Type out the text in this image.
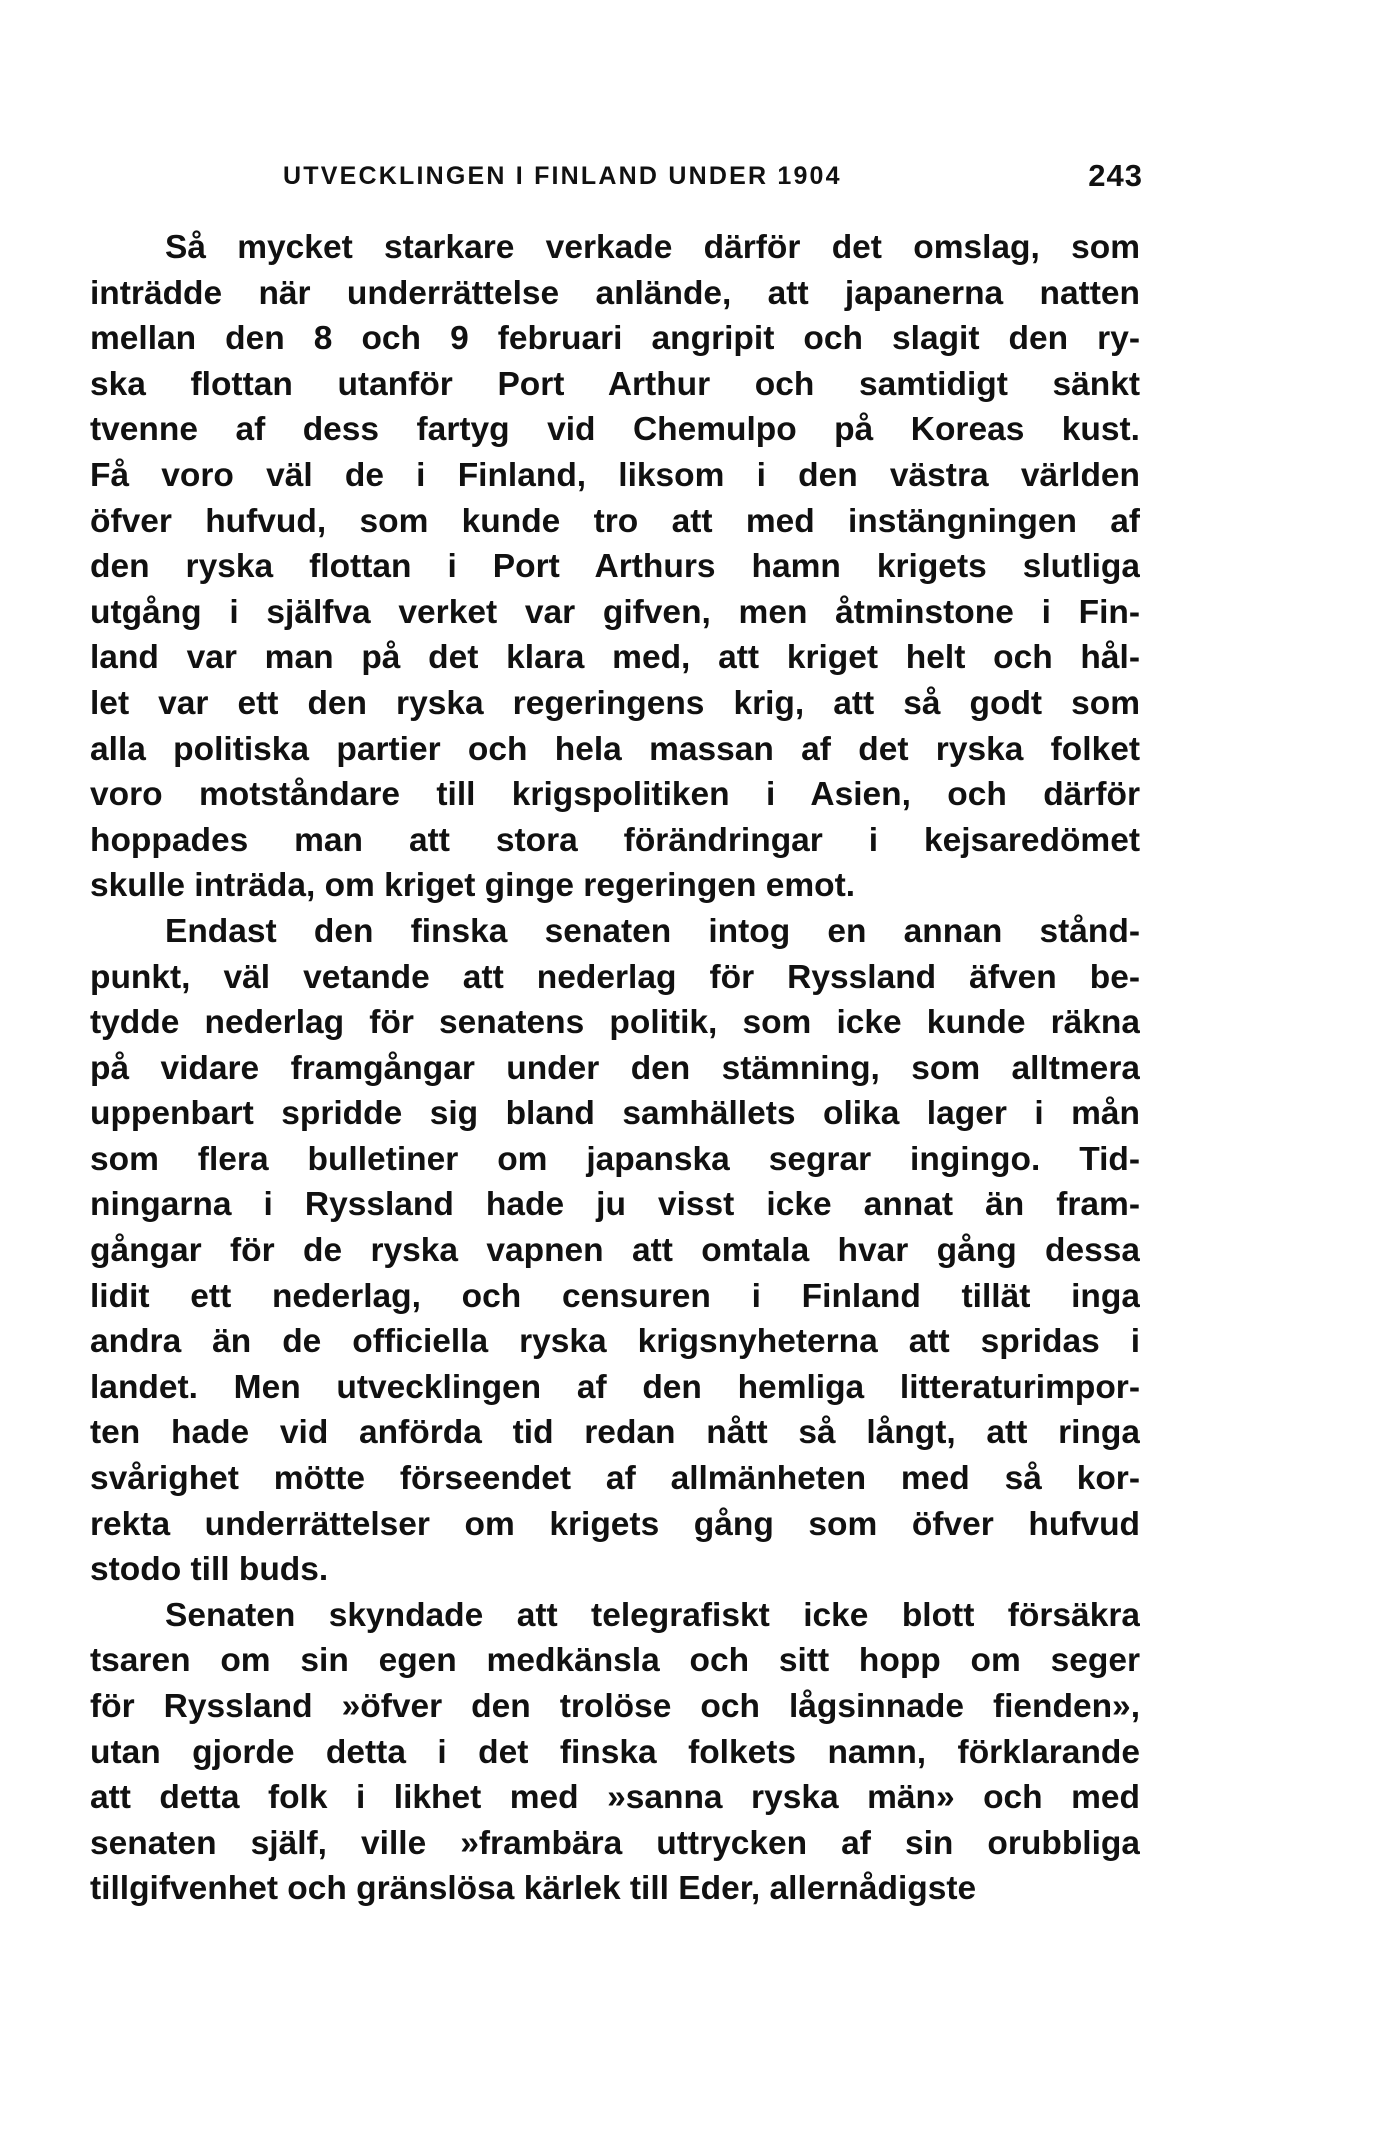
UTVECKLINGEN I FINLAND UNDER 1904	243
Så mycket starkare verkade därför det omslag, som
inträdde när underrättelse anlände, att japanerna natten
mellan den 8 och 9 februari angripit och slagit den ry-
ska flottan utanför Port Arthur och samtidigt sänkt
tvenne af dess fartyg vid Chemulpo på Koreas kust.
Få voro väl de i Finland, liksom i den västra världen
öfver hufvud, som kunde tro att med instängningen af
den ryska flottan i Port Arthurs hamn krigets slutliga
utgång i själfva verket var gifven, men åtminstone i Fin-
land var man på det klara med, att kriget helt och hål-
let var ett den ryska regeringens krig, att så godt som
alla politiska partier och hela massan af det ryska folket
voro motståndare till krigspolitiken i Asien, och därför
hoppades man att stora förändringar i kejsaredömet
skulle inträda, om kriget ginge regeringen emot.
Endast den finska senaten intog en annan stånd-
punkt, väl vetande att nederlag för Ryssland äfven be-
tydde nederlag för senatens politik, som icke kunde räkna
på vidare framgångar under den stämning, som alltmera
uppenbart spridde sig bland samhällets olika lager i mån
som flera bulletiner om japanska segrar ingingo. Tid-
ningarna i Ryssland hade ju visst icke annat än fram-
gångar för de ryska vapnen att omtala hvar gång dessa
lidit ett nederlag, och censuren i Finland tillät inga
andra än de officiella ryska krigsnyheterna att spridas i
landet. Men utvecklingen af den hemliga litteraturimpor-
ten hade vid anförda tid redan nått så långt, att ringa
svårighet mötte förseendet af allmänheten med så kor-
rekta underrättelser om krigets gång som öfver hufvud
stodo till buds.
Senaten skyndade att telegrafiskt icke blott försäkra
tsaren om sin egen medkänsla och sitt hopp om seger
för Ryssland »öfver den trolöse och lågsinnade fienden»,
utan gjorde detta i det finska folkets namn, förklarande
att detta folk i likhet med »sanna ryska män» och med
senaten själf, ville »frambära uttrycken af sin orubbliga
tillgifvenhet och gränslösa kärlek till Eder, allernådigste
